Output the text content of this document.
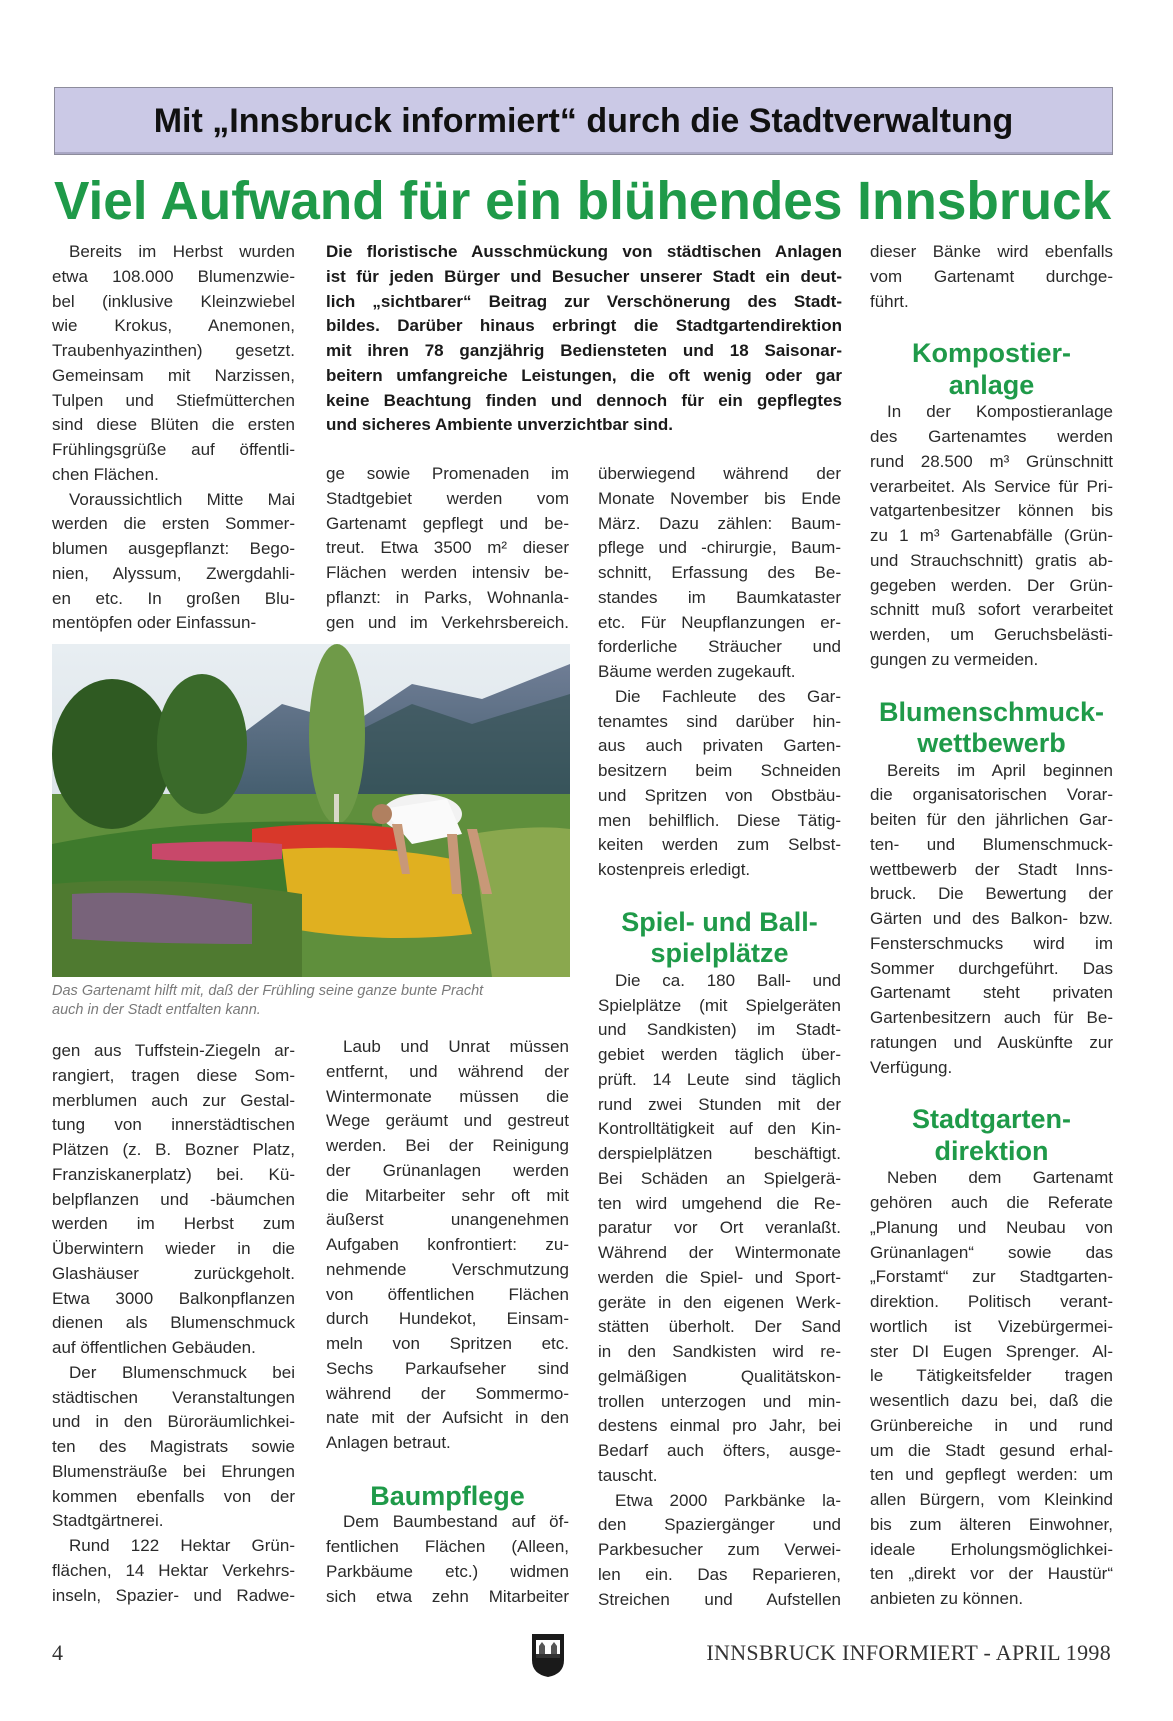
Mit „Innsbruck informiert“ durch die Stadtverwaltung
Viel Aufwand für ein blühendes Innsbruck
Bereits im Herbst wurden
etwa 108.000 Blumenzwie-
bel (inklusive Kleinzwiebel
wie Krokus, Anemonen,
Traubenhyazinthen) gesetzt.
Gemeinsam mit Narzissen,
Tulpen und Stiefmütterchen
sind diese Blüten die ersten
Frühlingsgrüße auf öffentli-
chen Flächen.
Voraussichtlich Mitte Mai
werden die ersten Sommer-
blumen ausgepflanzt: Bego-
nien, Alyssum, Zwergdahli-
en etc. In großen Blu-
mentöpfen oder Einfassun-
Die floristische Ausschmückung von städtischen Anlagen
ist für jeden Bürger und Besucher unserer Stadt ein deut-
lich „sichtbarer“ Beitrag zur Verschönerung des Stadt-
bildes. Darüber hinaus erbringt die Stadtgartendirektion
mit ihren 78 ganzjährig Bediensteten und 18 Saisonar-
beitern umfangreiche Leistungen, die oft wenig oder gar
keine Beachtung finden und dennoch für ein gepflegtes
und sicheres Ambiente unverzichtbar sind.
ge sowie Promenaden im
Stadtgebiet werden vom
Gartenamt gepflegt und be-
treut. Etwa 3500 m² dieser
Flächen werden intensiv be-
pflanzt: in Parks, Wohnanla-
gen und im Verkehrsbereich.
überwiegend während der
Monate November bis Ende
März. Dazu zählen: Baum-
pflege und -chirurgie, Baum-
schnitt, Erfassung des Be-
standes im Baumkataster
etc. Für Neupflanzungen er-
forderliche Sträucher und
Bäume werden zugekauft.
Die Fachleute des Gar-
tenamtes sind darüber hin-
aus auch privaten Garten-
besitzern beim Schneiden
und Spritzen von Obstbäu-
men behilflich. Diese Tätig-
keiten werden zum Selbst-
kostenpreis erledigt.
Spiel- und Ball-
spielplätze
Die ca. 180 Ball- und
Spielplätze (mit Spielgeräten
und Sandkisten) im Stadt-
gebiet werden täglich über-
prüft. 14 Leute sind täglich
rund zwei Stunden mit der
Kontrolltätigkeit auf den Kin-
derspielplätzen beschäftigt.
Bei Schäden an Spielgerä-
ten wird umgehend die Re-
paratur vor Ort veranlaßt.
Während der Wintermonate
werden die Spiel- und Sport-
geräte in den eigenen Werk-
stätten überholt. Der Sand
in den Sandkisten wird re-
gelmäßigen Qualitätskon-
trollen unterzogen und min-
destens einmal pro Jahr, bei
Bedarf auch öfters, ausge-
tauscht.
Etwa 2000 Parkbänke la-
den Spaziergänger und
Parkbesucher zum Verwei-
len ein. Das Reparieren,
Streichen und Aufstellen
dieser Bänke wird ebenfalls
vom Gartenamt durchge-
führt.
Kompostier-
anlage
In der Kompostieranlage
des Gartenamtes werden
rund 28.500 m³ Grünschnitt
verarbeitet. Als Service für Pri-
vatgartenbesitzer können bis
zu 1 m³ Gartenabfälle (Grün-
und Strauchschnitt) gratis ab-
gegeben werden. Der Grün-
schnitt muß sofort verarbeitet
werden, um Geruchsbelästi-
gungen zu vermeiden.
Blumenschmuck-
wettbewerb
Bereits im April beginnen
die organisatorischen Vorar-
beiten für den jährlichen Gar-
ten- und Blumenschmuck-
wettbewerb der Stadt Inns-
bruck. Die Bewertung der
Gärten und des Balkon- bzw.
Fensterschmucks wird im
Sommer durchgeführt. Das
Gartenamt steht privaten
Gartenbesitzern auch für Be-
ratungen und Auskünfte zur
Verfügung.
Stadtgarten-
direktion
Neben dem Gartenamt
gehören auch die Referate
„Planung und Neubau von
Grünanlagen“ sowie das
„Forstamt“ zur Stadtgarten-
direktion. Politisch verant-
wortlich ist Vizebürgermei-
ster DI Eugen Sprenger. Al-
le Tätigkeitsfelder tragen
wesentlich dazu bei, daß die
Grünbereiche in und rund
um die Stadt gesund erhal-
ten und gepflegt werden: um
allen Bürgern, vom Kleinkind
bis zum älteren Einwohner,
ideale Erholungsmöglichkei-
ten „direkt vor der Haustür“
anbieten zu können.
gen aus Tuffstein-Ziegeln ar-
rangiert, tragen diese Som-
merblumen auch zur Gestal-
tung von innerstädtischen
Plätzen (z. B. Bozner Platz,
Franziskanerplatz) bei. Kü-
belpflanzen und -bäumchen
werden im Herbst zum
Überwintern wieder in die
Glashäuser zurückgeholt.
Etwa 3000 Balkonpflanzen
dienen als Blumenschmuck
auf öffentlichen Gebäuden.
Der Blumenschmuck bei
städtischen Veranstaltungen
und in den Büroräumlichkei-
ten des Magistrats sowie
Blumensträuße bei Ehrungen
kommen ebenfalls von der
Stadtgärtnerei.
Rund 122 Hektar Grün-
flächen, 14 Hektar Verkehrs-
inseln, Spazier- und Radwe-
Laub und Unrat müssen
entfernt, und während der
Wintermonate müssen die
Wege geräumt und gestreut
werden. Bei der Reinigung
der Grünanlagen werden
die Mitarbeiter sehr oft mit
äußerst unangenehmen
Aufgaben konfrontiert: zu-
nehmende Verschmutzung
von öffentlichen Flächen
durch Hundekot, Einsam-
meln von Spritzen etc.
Sechs Parkaufseher sind
während der Sommermo-
nate mit der Aufsicht in den
Anlagen betraut.
Baumpflege
Dem Baumbestand auf öf-
fentlichen Flächen (Alleen,
Parkbäume etc.) widmen
sich etwa zehn Mitarbeiter
Das Gartenamt hilft mit, daß der Frühling seine ganze bunte Pracht
auch in der Stadt entfalten kann.
4	INNSBRUCK INFORMIERT - APRIL 1998
